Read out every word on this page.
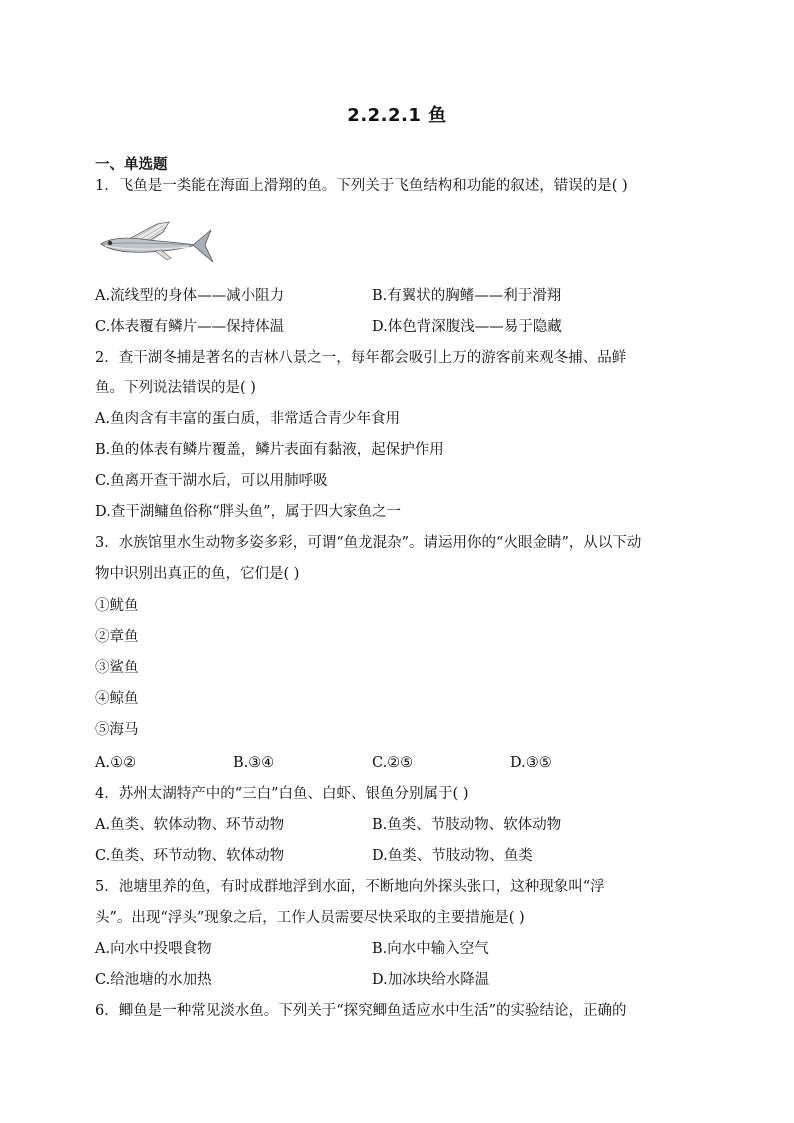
2.2.2.1 鱼
一、单选题
1．飞鱼是一类能在海面上滑翔的鱼。下列关于飞鱼结构和功能的叙述，错误的是( )
A.流线型的身体——减小阻力	B.有翼状的胸鳍——利于滑翔
C.体表覆有鳞片——保持体温	D.体色背深腹浅——易于隐藏
2．查干湖冬捕是著名的吉林八景之一，每年都会吸引上万的游客前来观冬捕、品鲜
鱼。下列说法错误的是( )
A.鱼肉含有丰富的蛋白质，非常适合青少年食用
B.鱼的体表有鳞片覆盖，鳞片表面有黏液，起保护作用
C.鱼离开查干湖水后，可以用肺呼吸
D.查干湖鳙鱼俗称“胖头鱼”，属于四大家鱼之一
3．水族馆里水生动物多姿多彩，可谓“鱼龙混杂”。请运用你的“火眼金睛”，从以下动
物中识别出真正的鱼，它们是( )
①鱿鱼
②章鱼
③鲨鱼
④鲸鱼
⑤海马
A.①②	B.③④	C.②⑤	D.③⑤
4．苏州太湖特产中的“三白”白鱼、白虾、银鱼分别属于( )
A.鱼类、软体动物、环节动物	B.鱼类、节肢动物、软体动物
C.鱼类、环节动物、软体动物	D.鱼类、节肢动物、鱼类
5．池塘里养的鱼，有时成群地浮到水面，不断地向外探头张口，这种现象叫“浮
头”。出现“浮头”现象之后，工作人员需要尽快采取的主要措施是( )
A.向水中投喂食物	B.向水中输入空气
C.给池塘的水加热	D.加冰块给水降温
6．鲫鱼是一种常见淡水鱼。下列关于“探究鲫鱼适应水中生活”的实验结论，正确的
